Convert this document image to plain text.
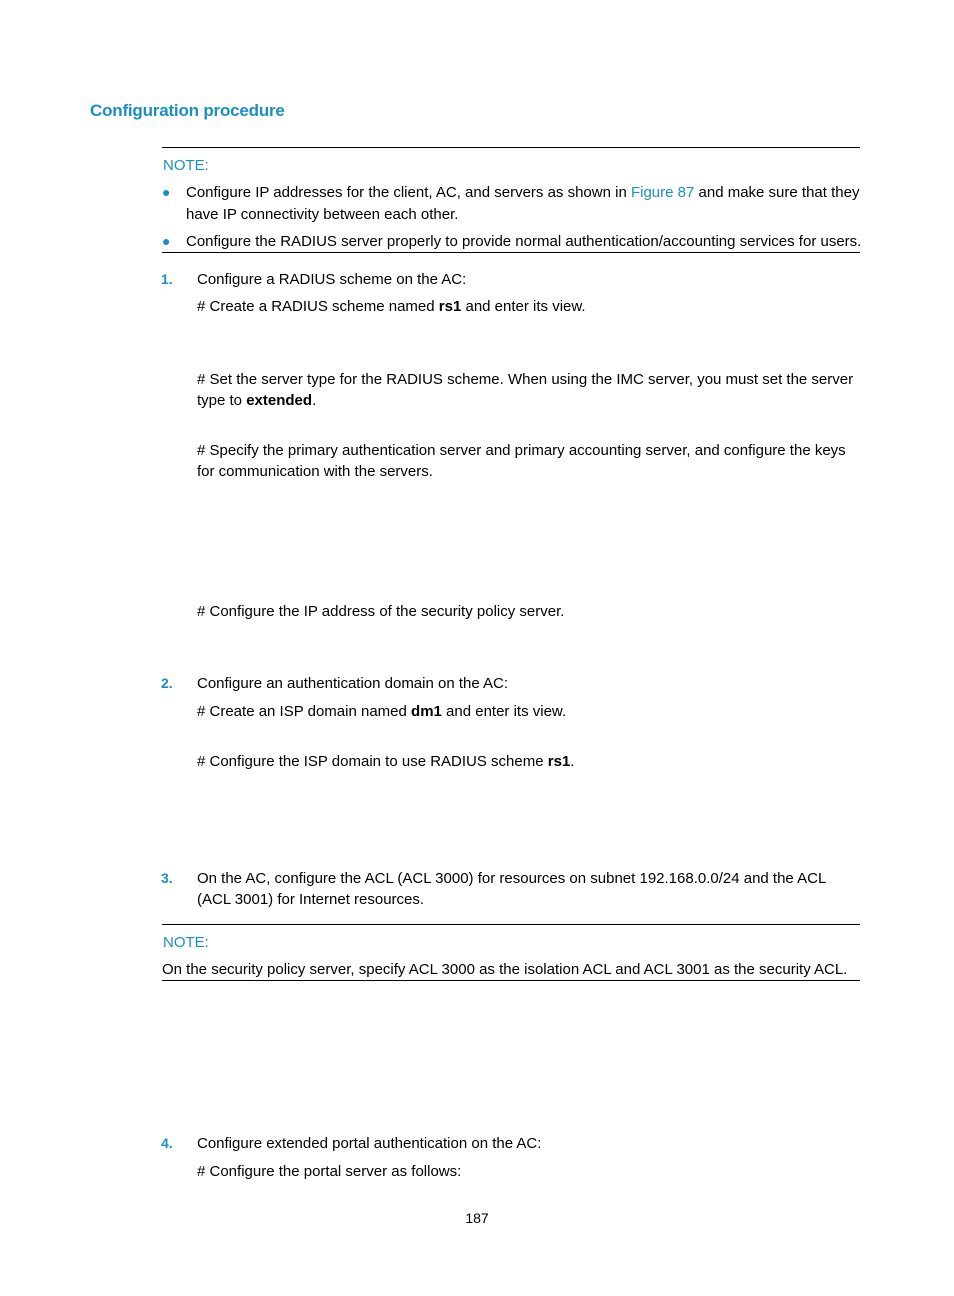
Configuration procedure
NOTE:
● Configure IP addresses for the client, AC, and servers as shown in Figure 87 and make sure that they
have IP connectivity between each other.
● Configure the RADIUS server properly to provide normal authentication/accounting services for users.
1. Configure a RADIUS scheme on the AC:
# Create a RADIUS scheme named rs1 and enter its view.
# Set the server type for the RADIUS scheme. When using the IMC server, you must set the server
type to extended.
# Specify the primary authentication server and primary accounting server, and configure the keys
for communication with the servers.
# Configure the IP address of the security policy server.
2. Configure an authentication domain on the AC:
# Create an ISP domain named dm1 and enter its view.
# Configure the ISP domain to use RADIUS scheme rs1.
3. On the AC, configure the ACL (ACL 3000) for resources on subnet 192.168.0.0/24 and the ACL
(ACL 3001) for Internet resources.
NOTE:
On the security policy server, specify ACL 3000 as the isolation ACL and ACL 3001 as the security ACL.
4. Configure extended portal authentication on the AC:
# Configure the portal server as follows:
187
